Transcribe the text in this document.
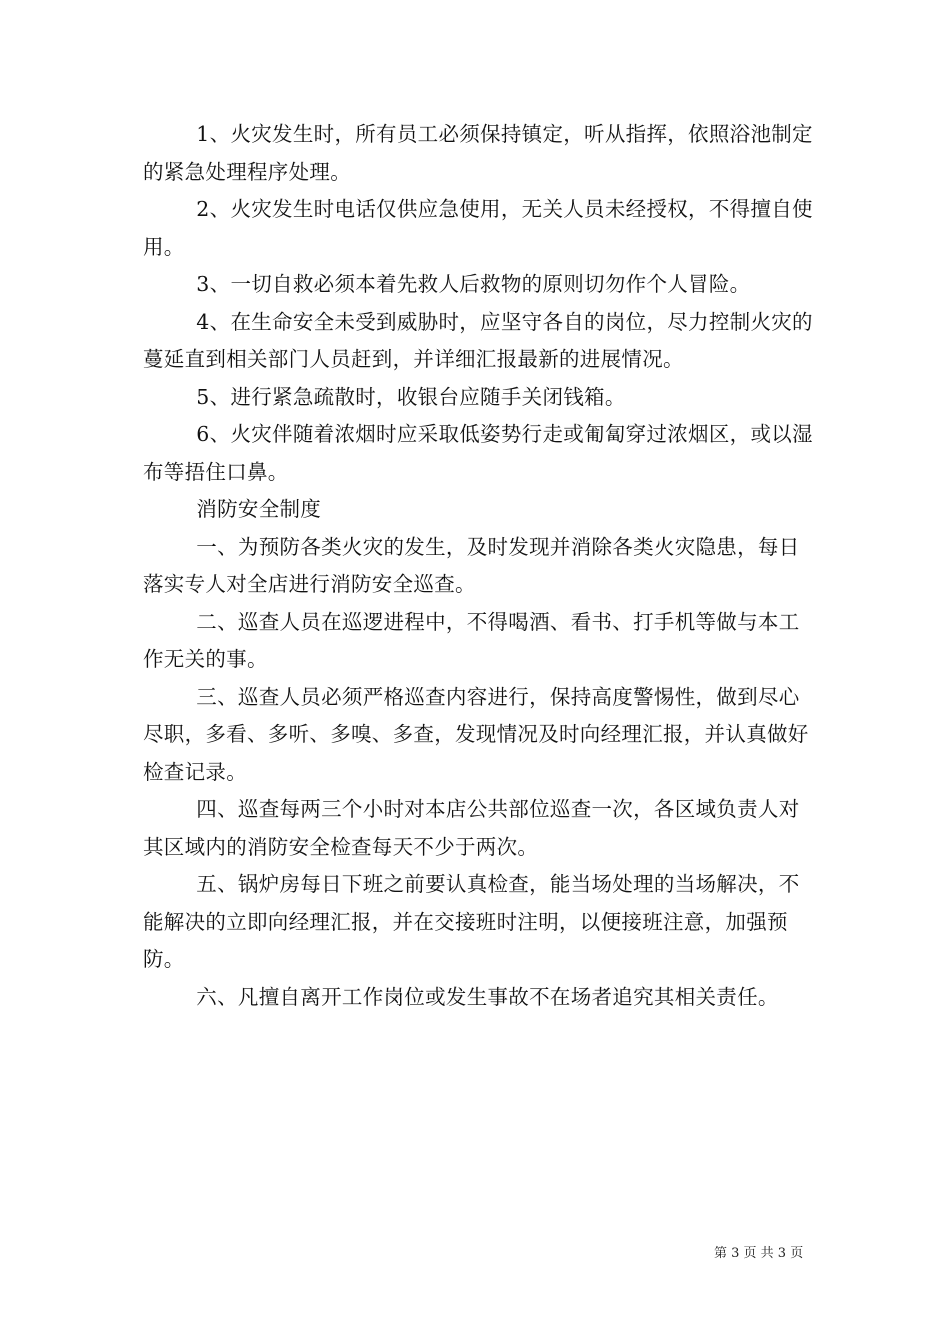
1、火灾发生时，所有员工必须保持镇定，听从指挥，依照浴池制定的紧急处理程序处理。

2、火灾发生时电话仅供应急使用，无关人员未经授权，不得擅自使用。

3、一切自救必须本着先救人后救物的原则切勿作个人冒险。

4、在生命安全未受到威胁时，应坚守各自的岗位，尽力控制火灾的蔓延直到相关部门人员赶到，并详细汇报最新的进展情况。

5、进行紧急疏散时，收银台应随手关闭钱箱。

6、火灾伴随着浓烟时应采取低姿势行走或匍匐穿过浓烟区，或以湿布等捂住口鼻。

消防安全制度

一、为预防各类火灾的发生，及时发现并消除各类火灾隐患，每日落实专人对全店进行消防安全巡查。

二、巡查人员在巡逻进程中，不得喝酒、看书、打手机等做与本工作无关的事。

三、巡查人员必须严格巡查内容进行，保持高度警惕性，做到尽心尽职，多看、多听、多嗅、多查，发现情况及时向经理汇报，并认真做好检查记录。

四、巡查每两三个小时对本店公共部位巡查一次，各区域负责人对其区域内的消防安全检查每天不少于两次。

五、锅炉房每日下班之前要认真检查，能当场处理的当场解决，不能解决的立即向经理汇报，并在交接班时注明，以便接班注意，加强预防。

六、凡擅自离开工作岗位或发生事故不在场者追究其相关责任。

第 3 页 共 3 页
